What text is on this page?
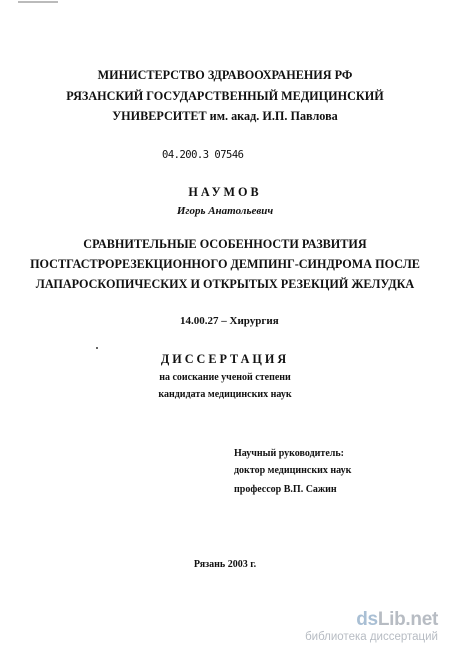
МИНИСТЕРСТВО ЗДРАВООХРАНЕНИЯ РФ
РЯЗАНСКИЙ ГОСУДАРСТВЕННЫЙ МЕДИЦИНСКИЙ
УНИВЕРСИТЕТ им. акад. И.П. Павлова
04.200.3 07546
НАУМОВ
Игорь Анатольевич
СРАВНИТЕЛЬНЫЕ ОСОБЕННОСТИ РАЗВИТИЯ
ПОСТГАСТРОРЕЗЕКЦИОННОГО ДЕМПИНГ-СИНДРОМА ПОСЛЕ
ЛАПАРОСКОПИЧЕСКИХ И ОТКРЫТЫХ РЕЗЕКЦИЙ ЖЕЛУДКА
14.00.27 – Хирургия
ДИССЕРТАЦИЯ
на соискание ученой степени
кандидата медицинских наук
Научный руководитель:
доктор медицинских наук
профессор В.П. Сажин
Рязань 2003 г.
dsLib.net
библиотека диссертаций
